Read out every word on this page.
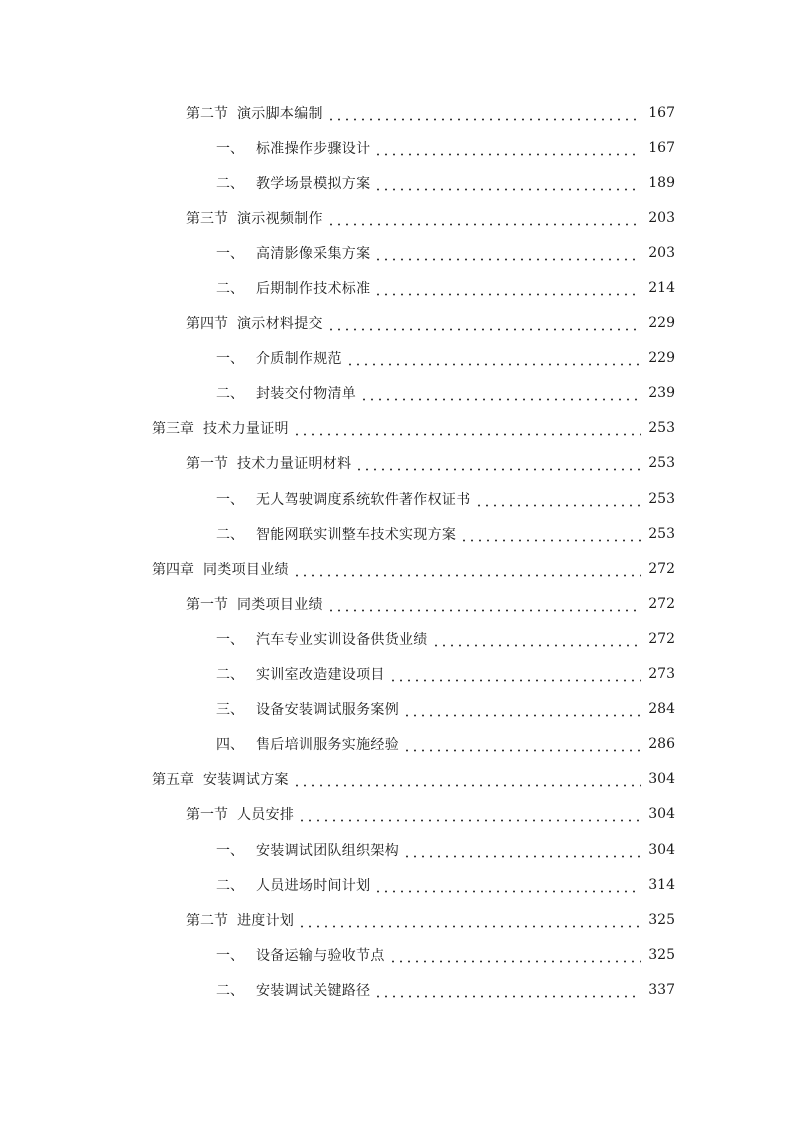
第二节 演示脚本编制	167
一、 标准操作步骤设计	167
二、 教学场景模拟方案	189
第三节 演示视频制作	203
一、 高清影像采集方案	203
二、 后期制作技术标准	214
第四节 演示材料提交	229
一、 介质制作规范	229
二、 封装交付物清单	239
第三章 技术力量证明	253
第一节 技术力量证明材料	253
一、 无人驾驶调度系统软件著作权证书	253
二、 智能网联实训整车技术实现方案	253
第四章 同类项目业绩	272
第一节 同类项目业绩	272
一、 汽车专业实训设备供货业绩	272
二、 实训室改造建设项目	273
三、 设备安装调试服务案例	284
四、 售后培训服务实施经验	286
第五章 安装调试方案	304
第一节 人员安排	304
一、 安装调试团队组织架构	304
二、 人员进场时间计划	314
第二节 进度计划	325
一、 设备运输与验收节点	325
二、 安装调试关键路径	337
